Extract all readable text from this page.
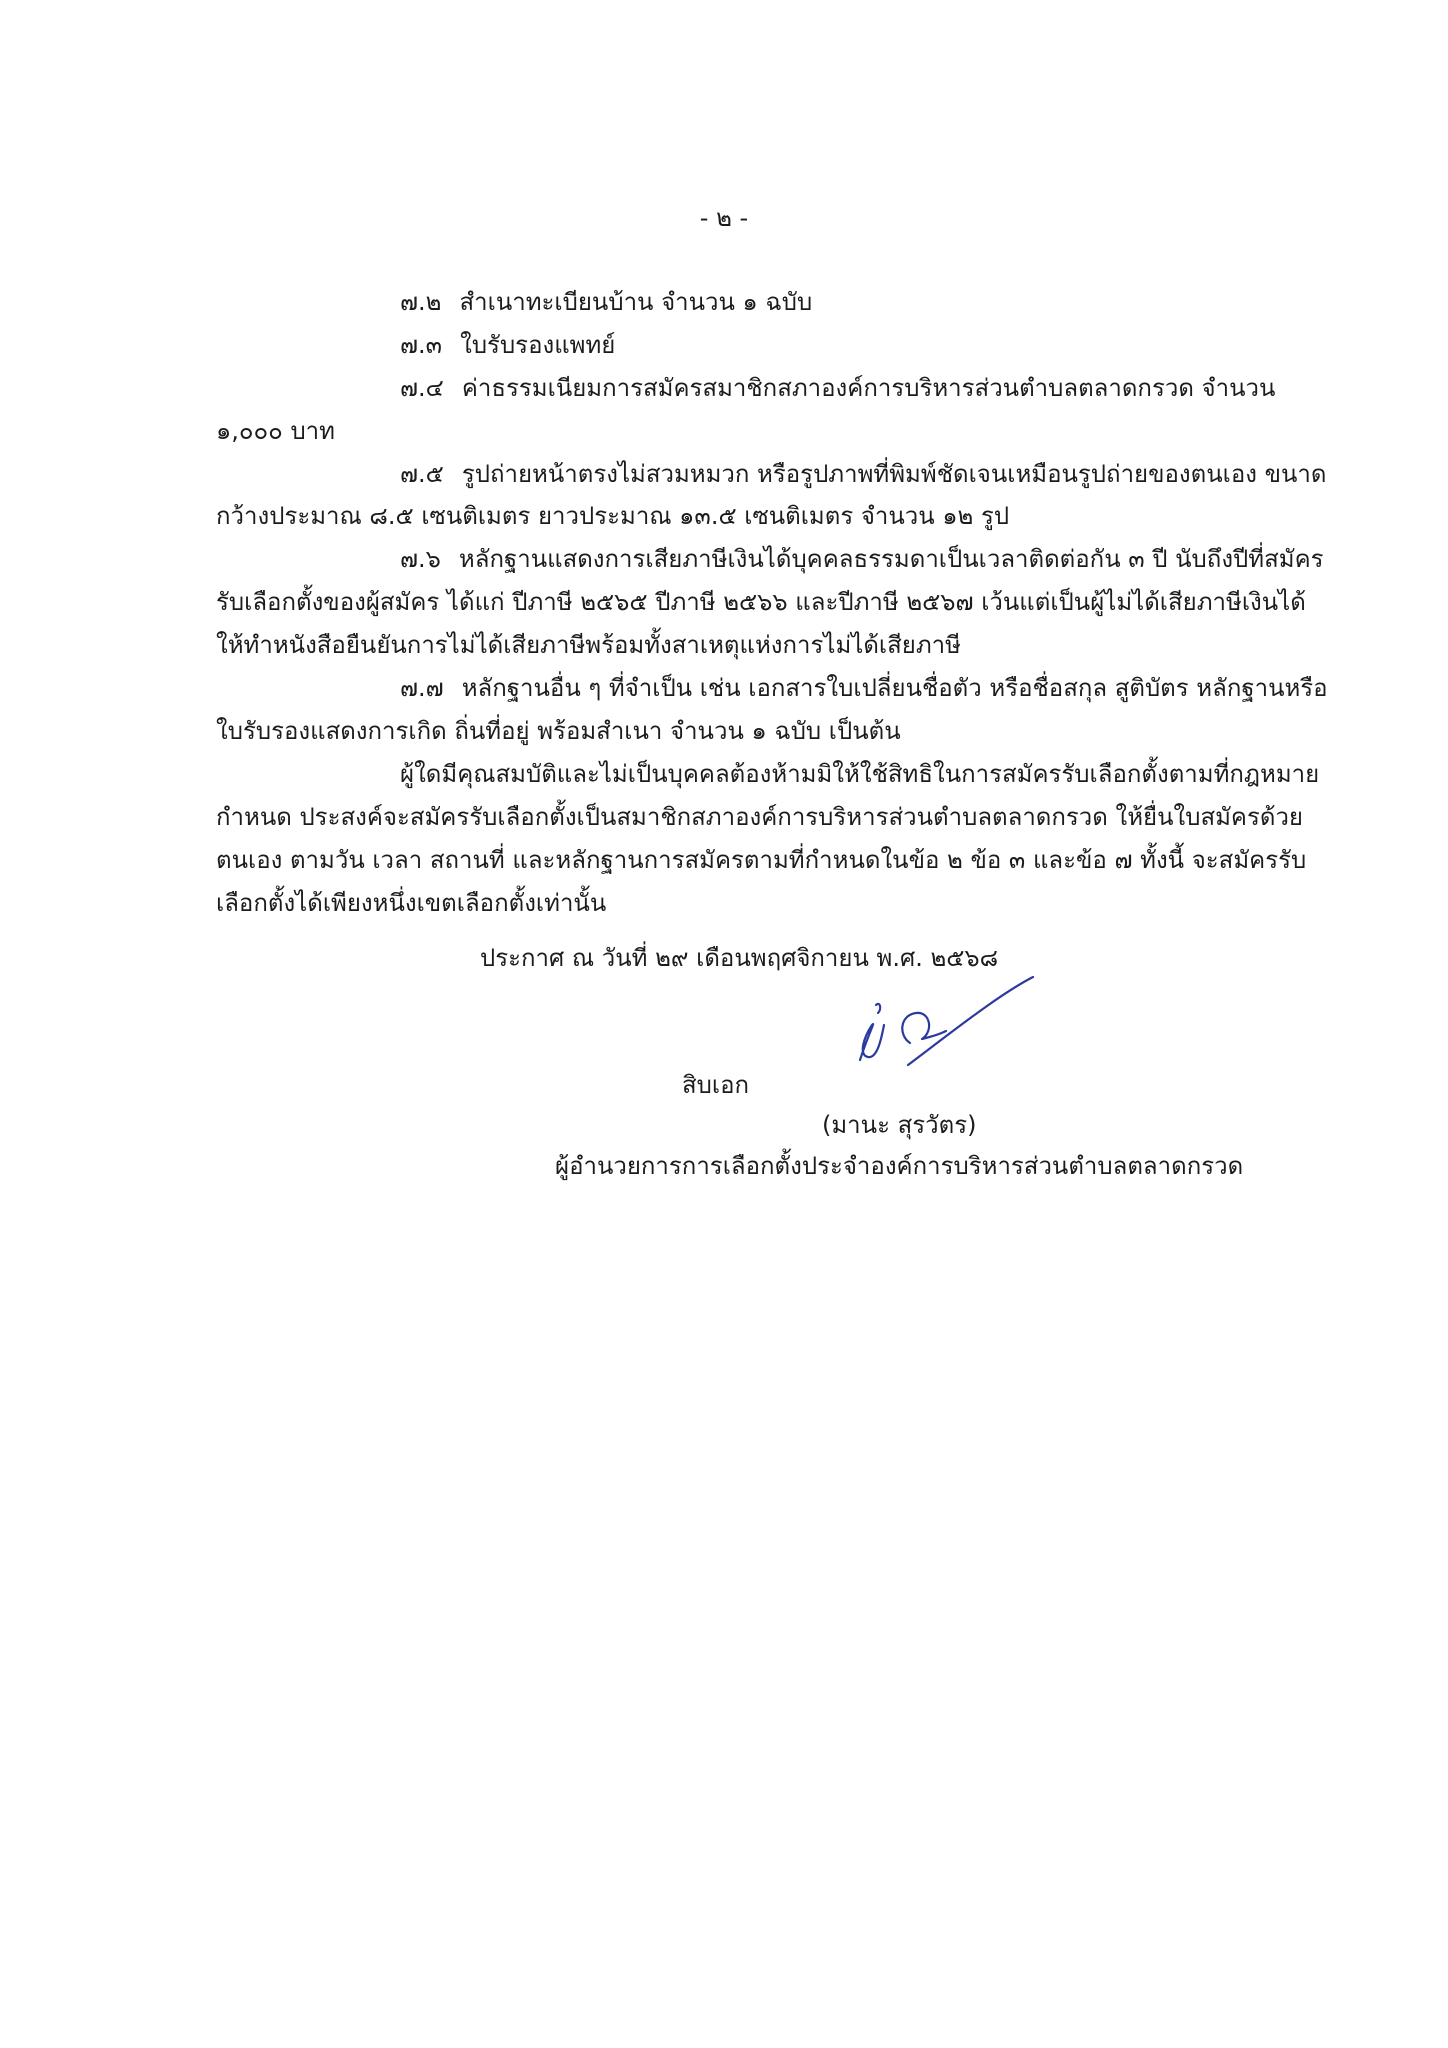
- ๒ -
๗.๒ สำเนาทะเบียนบ้าน จำนวน ๑ ฉบับ
๗.๓ ใบรับรองแพทย์
๗.๔ ค่าธรรมเนียมการสมัครสมาชิกสภาองค์การบริหารส่วนตำบลตลาดกรวด จำนวน
๑,๐๐๐ บาท
๗.๕ รูปถ่ายหน้าตรงไม่สวมหมวก หรือรูปภาพที่พิมพ์ชัดเจนเหมือนรูปถ่ายของตนเอง ขนาด
กว้างประมาณ ๘.๕ เซนติเมตร ยาวประมาณ ๑๓.๕ เซนติเมตร จำนวน ๑๒ รูป
๗.๖ หลักฐานแสดงการเสียภาษีเงินได้บุคคลธรรมดาเป็นเวลาติดต่อกัน ๓ ปี นับถึงปีที่สมัคร
รับเลือกตั้งของผู้สมัคร ได้แก่ ปีภาษี ๒๕๖๕ ปีภาษี ๒๕๖๖ และปีภาษี ๒๕๖๗ เว้นแต่เป็นผู้ไม่ได้เสียภาษีเงินได้
ให้ทำหนังสือยืนยันการไม่ได้เสียภาษีพร้อมทั้งสาเหตุแห่งการไม่ได้เสียภาษี
๗.๗ หลักฐานอื่น ๆ ที่จำเป็น เช่น เอกสารใบเปลี่ยนชื่อตัว หรือชื่อสกุล สูติบัตร หลักฐานหรือ
ใบรับรองแสดงการเกิด ถิ่นที่อยู่ พร้อมสำเนา จำนวน ๑ ฉบับ เป็นต้น
ผู้ใดมีคุณสมบัติและไม่เป็นบุคคลต้องห้ามมิให้ใช้สิทธิในการสมัครรับเลือกตั้งตามที่กฎหมาย
กำหนด ประสงค์จะสมัครรับเลือกตั้งเป็นสมาชิกสภาองค์การบริหารส่วนตำบลตลาดกรวด ให้ยื่นใบสมัครด้วย
ตนเอง ตามวัน เวลา สถานที่ และหลักฐานการสมัครตามที่กำหนดในข้อ ๒ ข้อ ๓ และข้อ ๗ ทั้งนี้ จะสมัครรับ
เลือกตั้งได้เพียงหนึ่งเขตเลือกตั้งเท่านั้น
ประกาศ ณ วันที่ ๒๙ เดือนพฤศจิกายน พ.ศ. ๒๕๖๘
สิบเอก
(มานะ สุรวัตร)
ผู้อำนวยการการเลือกตั้งประจำองค์การบริหารส่วนตำบลตลาดกรวด
